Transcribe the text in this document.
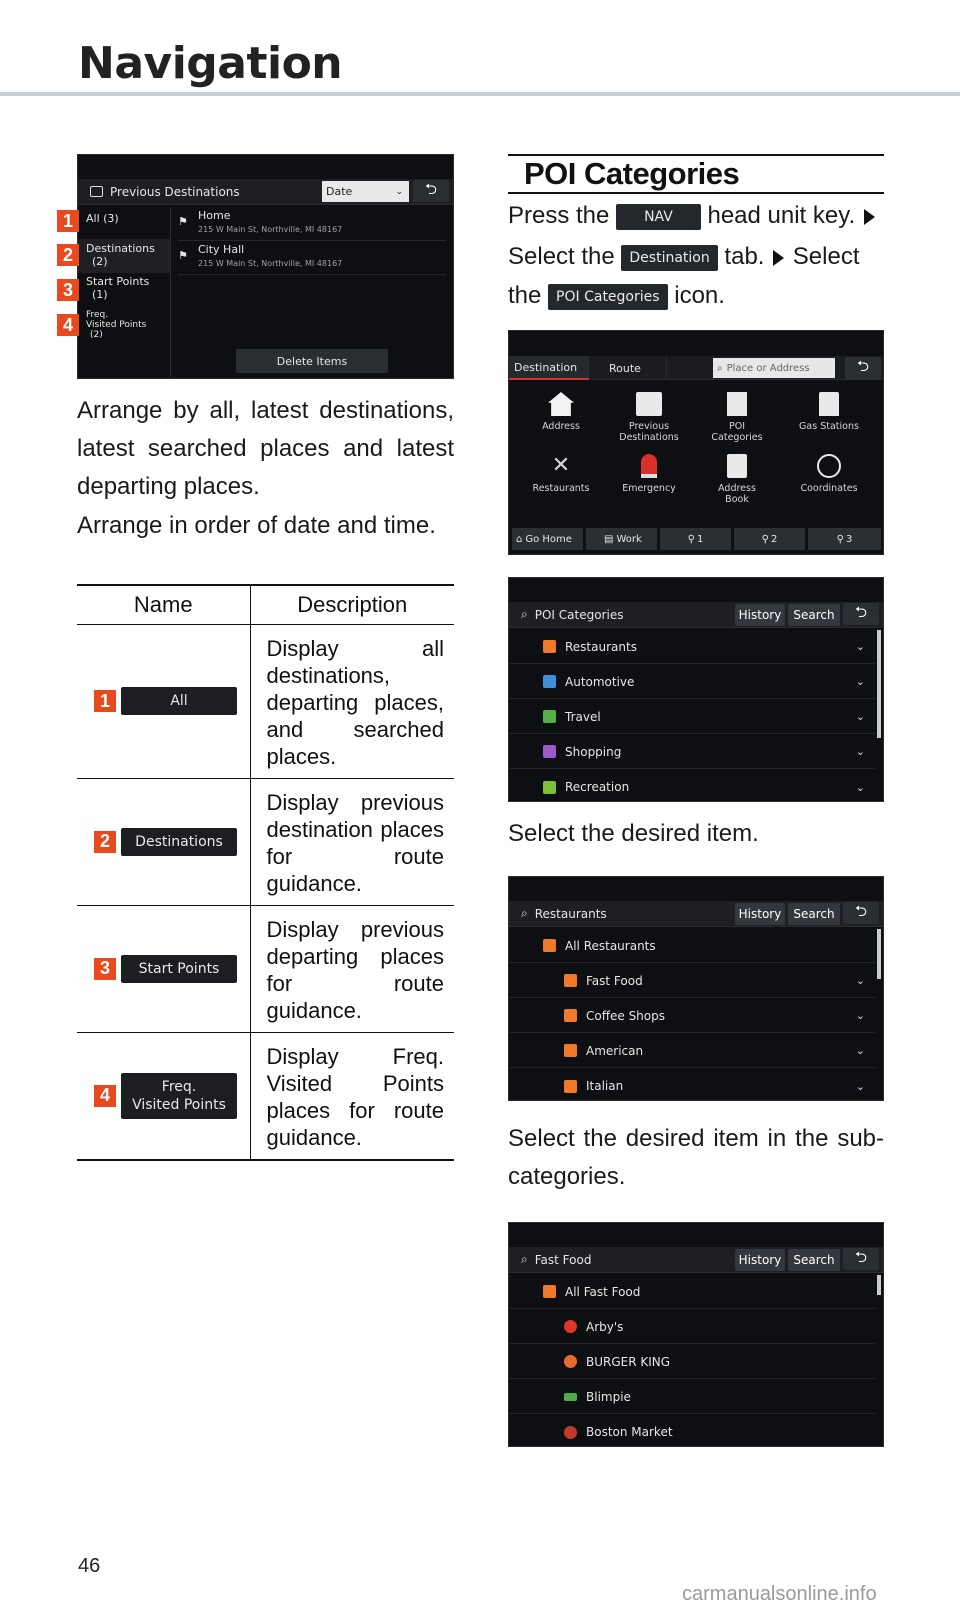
Navigation
Previous Destinations	Date	⌄ ⮌
All (3)
Destinations
(2)
Start Points
(1)
Freq.
Visited Points
(2)
⚑ Home
215 W Main St, Northville, MI 48167
⚑ City Hall
215 W Main St, Northville, MI 48167
Delete Items
1
2
3
4
Arrange by all, latest destinations, latest searched places and latest departing places.
Arrange in order of date and time.
Name	Description

1 All	Display all destinations, departing places, and searched places.

2 Destinations	Display previous destination places for route guidance.

3 Start Points	Display previous departing places for route guidance.

4 Freq.
Visited Points	Display Freq. Visited Points places for route guidance.
POI Categories
Press the NAV head unit key.
Select the Destination tab. Select
the POI Categories icon.
Destination	Route	⌕ Place or Address	⮌
Address	Previous
Destinations
POI
Categories
Gas Stations
✕
Restaurants	Emergency	Address
Book
Coordinates
⌂ Go Home	▤ Work	⚲ 1	⚲ 2	⚲ 3
⌕ POI Categories	History Search ⮌
Restaurants	⌄
Automotive	⌄
Travel	⌄
Shopping	⌄
Recreation	⌄
Select the desired item.
⌕ Restaurants	History Search ⮌
All Restaurants
Fast Food	⌄
Coffee Shops	⌄
American	⌄
Italian	⌄
Select the desired item in the sub-categories.
⌕ Fast Food	History Search ⮌
All Fast Food
Arby's
BURGER KING
Blimpie
Boston Market
46
carmanualsonline.info
